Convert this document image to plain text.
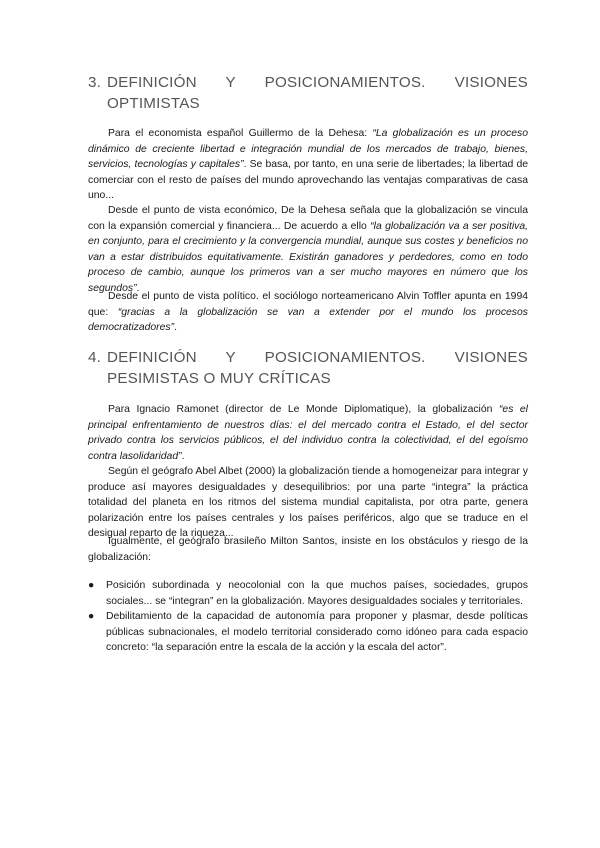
3. DEFINICIÓN Y POSICIONAMIENTOS. VISIONES
OPTIMISTAS
Para el economista español Guillermo de la Dehesa: “La globalización es un proceso dinámico de creciente libertad e integración mundial de los mercados de trabajo, bienes, servicios, tecnologías y capitales”. Se basa, por tanto, en una serie de libertades; la libertad de comerciar con el resto de países del mundo aprovechando las ventajas comparativas de casa uno...
Desde el punto de vista económico, De la Dehesa señala que la globalización se vincula con la expansión comercial y financiera... De acuerdo a ello “la globalización va a ser positiva, en conjunto, para el crecimiento y la convergencia mundial, aunque sus costes y beneficios no van a estar distribuidos equitativamente. Existirán ganadores y perdedores, como en todo proceso de cambio, aunque los primeros van a ser mucho mayores en número que los segundos”.
Desde el punto de vista político. el sociólogo norteamericano Alvin Toffler apunta en 1994 que: “gracias a la globalización se van a extender por el mundo los procesos democratizadores”.
4. DEFINICIÓN Y POSICIONAMIENTOS. VISIONES
PESIMISTAS O MUY CRÍTICAS
Para Ignacio Ramonet (director de Le Monde Diplomatique), la globalización “es el principal enfrentamiento de nuestros días: el del mercado contra el Estado, el del sector privado contra los servicios públicos, el del individuo contra la colectividad, el del egoísmo contra lasolidaridad”.
Según el geógrafo Abel Albet (2000) la globalización tiende a homogeneizar para integrar y produce así mayores desigualdades y desequilibrios: por una parte “integra” la práctica totalidad del planeta en los ritmos del sistema mundial capitalista, por otra parte, genera polarización entre los países centrales y los países periféricos, algo que se traduce en el desigual reparto de la riqueza...
Igualmente, el geógrafo brasileño Milton Santos, insiste en los obstáculos y riesgo de la globalización:
● Posición subordinada y neocolonial con la que muchos países, sociedades, grupos sociales... se “integran” en la globalización. Mayores desigualdades sociales y territoriales.
● Debilitamiento de la capacidad de autonomía para proponer y plasmar, desde políticas públicas subnacionales, el modelo territorial considerado como idóneo para cada espacio concreto: “la separación entre la escala de la acción y la escala del actor”.
